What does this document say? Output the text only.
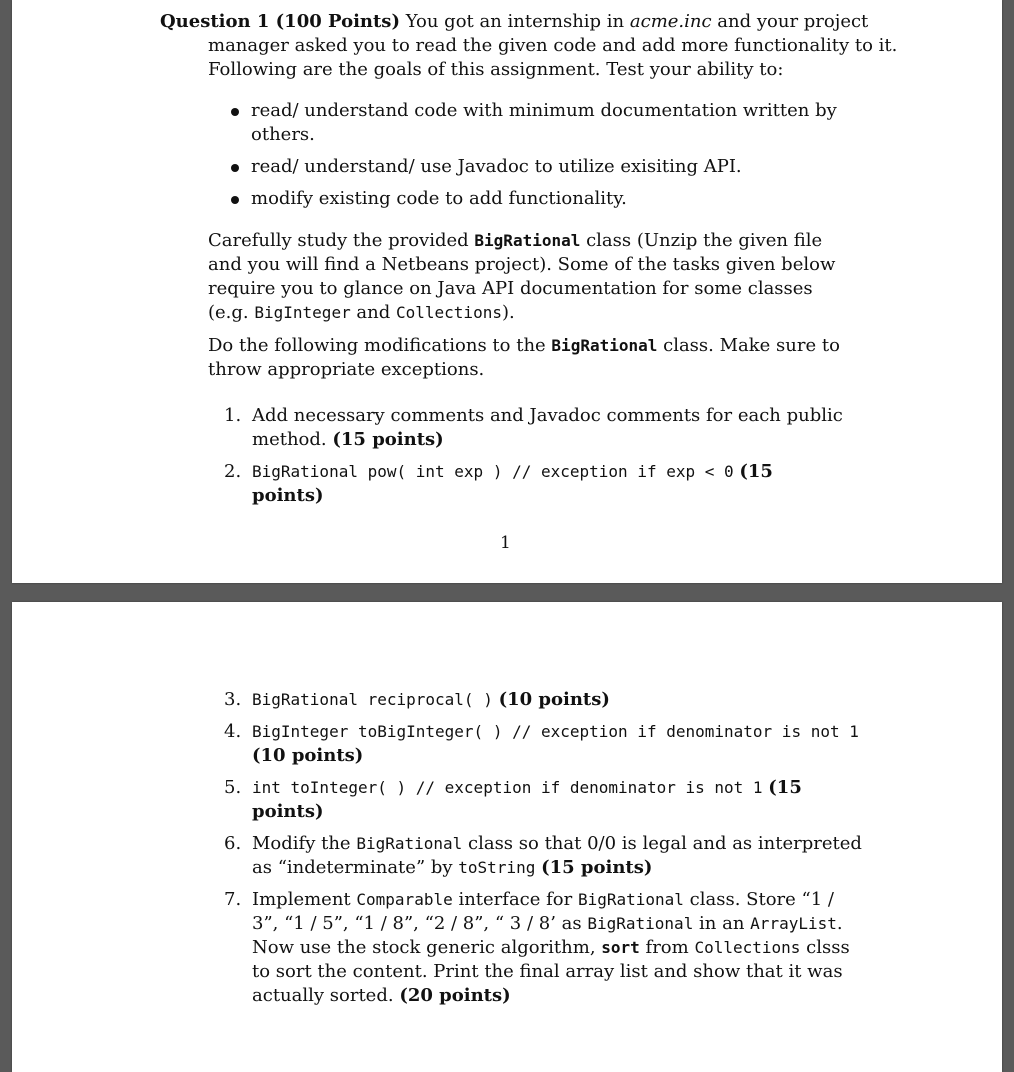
Question 1 (100 Points) You got an internship in acme.inc and your project manager asked you to read the given code and add more functionality to it. Following are the goals of this assignment. Test your ability to:
read/ understand code with minimum documentation written by others.
read/ understand/ use Javadoc to utilize exisiting API.
modify existing code to add functionality.
Carefully study the provided BigRational class (Unzip the given file and you will find a Netbeans project). Some of the tasks given below require you to glance on Java API documentation for some classes (e.g. BigInteger and Collections).
Do the following modifications to the BigRational class. Make sure to throw appropriate exceptions.
1. Add necessary comments and Javadoc comments for each public method. (15 points)
2. BigRational pow( int exp ) // exception if exp < 0 (15
points)
1
3. BigRational reciprocal( ) (10 points)
4. BigInteger toBigInteger( ) // exception if denominator is not 1 (10 points)
5. int toInteger( ) // exception if denominator is not 1 (15
points)
6. Modify the BigRational class so that 0/0 is legal and as interpreted as “indeterminate” by toString (15 points)
7. Implement Comparable interface for BigRational class. Store “1 / 3”, “1 / 5”, “1 / 8”, “2 / 8”, “ 3 / 8’ as BigRational in an ArrayList. Now use the stock generic algorithm, sort from Collections clsss to sort the content. Print the final array list and show that it was actually sorted. (20 points)
